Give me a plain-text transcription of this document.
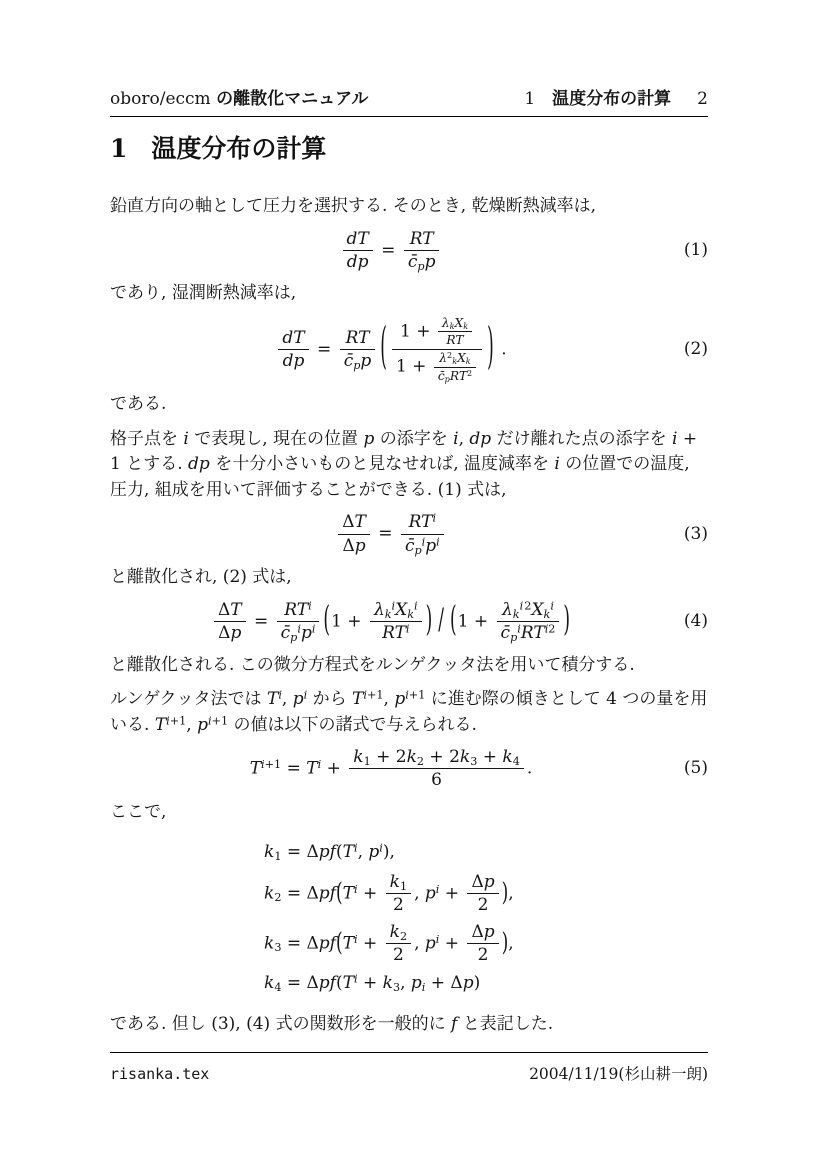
oboro/eccm の離散化マニュアル	1 温度分布の計算 2
1 温度分布の計算

鉛直方向の軸として圧力を選択する. そのとき, 乾燥断熱減率は,

$\frac{dT}{dp} = \frac{RT}{c̄_pp}$	(1)

であり, 湿潤断熱減率は,

$\frac{dT}{dp} = \frac{RT}{c̄_pp}$ ( $1 + \lambda_kX_k$
RT
$1 + \lambda^2_kX_k$
$c̄_pRT^2$ ) .	(2)

である.

格子点を i で表現し, 現在の位置 p の添字を i, dp だけ離れた点の添字を i + 1 とする. dp を十分小さいものと見なせれば, 温度減率を i の位置での温度, 圧力, 組成を用いて評価することができる. (1) 式は,

$\frac{\Delta T}{\Delta p}$ =
$RT^i$
$c̄_p^ip^i$	(3)

と離散化され, (2) 式は,

$\frac{\Delta T}{\Delta p}$ =
$RT^i$
$c̄_p^ip^i$ (1 +
$\lambda_k^iX_k^i$
$RT^i$ ) / (1 +
$\lambda_k^{i 2}X_k^i$
$c̄_p^iRT^{i2}$ )	(4)

と離散化される. この微分方程式をルンゲクッタ法を用いて積分する.

ルンゲクッタ法では $T^i$, $p^i$ から $T^{i+1}$, $p^{i+1}$ に進む際の傾きとして 4 つの量を用いる. $T^{i+1}$, $p^{i+1}$ の値は以下の諸式で与えられる.

$T^{i+1} = T^i + \frac{k_1 + 2k_2 + 2k_3 + k_4}{6}$ .	(5)

ここで,

$k_1 = \Delta pf(T^i$, $p^i$),
$k_2 = \Delta pf(T^i + \frac{k_1}{2}$ , $p^i + \frac{\Delta p}{2}$ ),
$k_3 = \Delta pf(T^i + \frac{k_2}{2}$ , $p^i + \frac{\Delta p}{2}$ ),
$k_4 = \Delta pf(T^i + k_3$, $p_i + \Delta p$)

である. 但し (3), (4) 式の関数形を一般的に f と表記した.

risanka.tex	2004/11/19(杉山耕一朗)
